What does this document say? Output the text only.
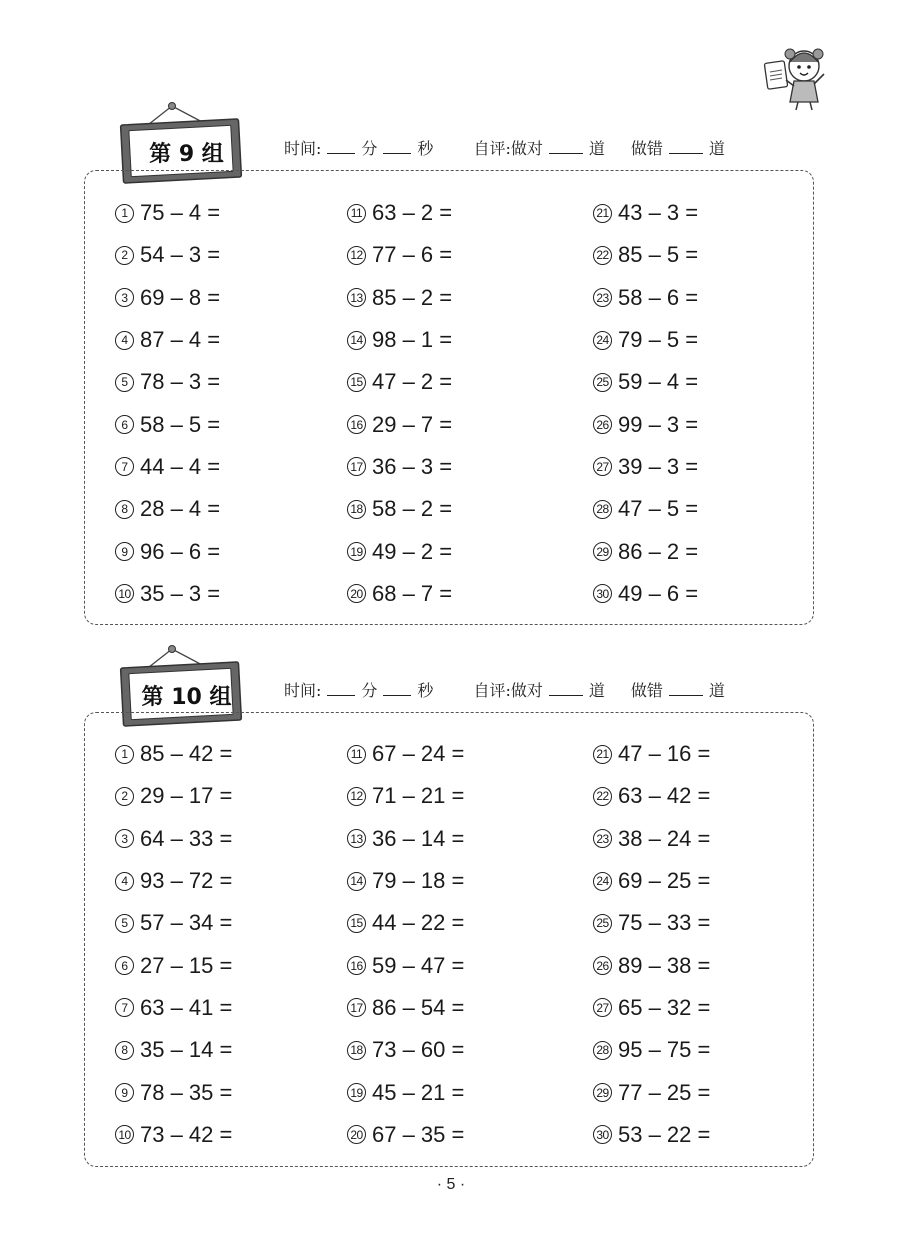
第 9 组	时间:	分	秒	自评:做对	道 做错	道
1 75 – 4 =
2 54 – 3 =
3 69 – 8 =
4 87 – 4 =
5 78 – 3 =
6 58 – 5 =
7 44 – 4 =
8 28 – 4 =
9 96 – 6 =
10 35 – 3 =
11 63 – 2 =
12 77 – 6 =
13 85 – 2 =
14 98 – 1 =
15 47 – 2 =
16 29 – 7 =
17 36 – 3 =
18 58 – 2 =
19 49 – 2 =
20 68 – 7 =
21 43 – 3 =
22 85 – 5 =
23 58 – 6 =
24 79 – 5 =
25 59 – 4 =
26 99 – 3 =
27 39 – 3 =
28 47 – 5 =
29 86 – 2 =
30 49 – 6 =
第 10 组	时间:	分	秒	自评:做对	道 做错	道
1 85 – 42 =
2 29 – 17 =
3 64 – 33 =
4 93 – 72 =
5 57 – 34 =
6 27 – 15 =
7 63 – 41 =
8 35 – 14 =
9 78 – 35 =
10 73 – 42 =
11 67 – 24 =
12 71 – 21 =
13 36 – 14 =
14 79 – 18 =
15 44 – 22 =
16 59 – 47 =
17 86 – 54 =
18 73 – 60 =
19 45 – 21 =
20 67 – 35 =
21 47 – 16 =
22 63 – 42 =
23 38 – 24 =
24 69 – 25 =
25 75 – 33 =
26 89 – 38 =
27 65 – 32 =
28 95 – 75 =
29 77 – 25 =
30 53 – 22 =
· 5 ·
